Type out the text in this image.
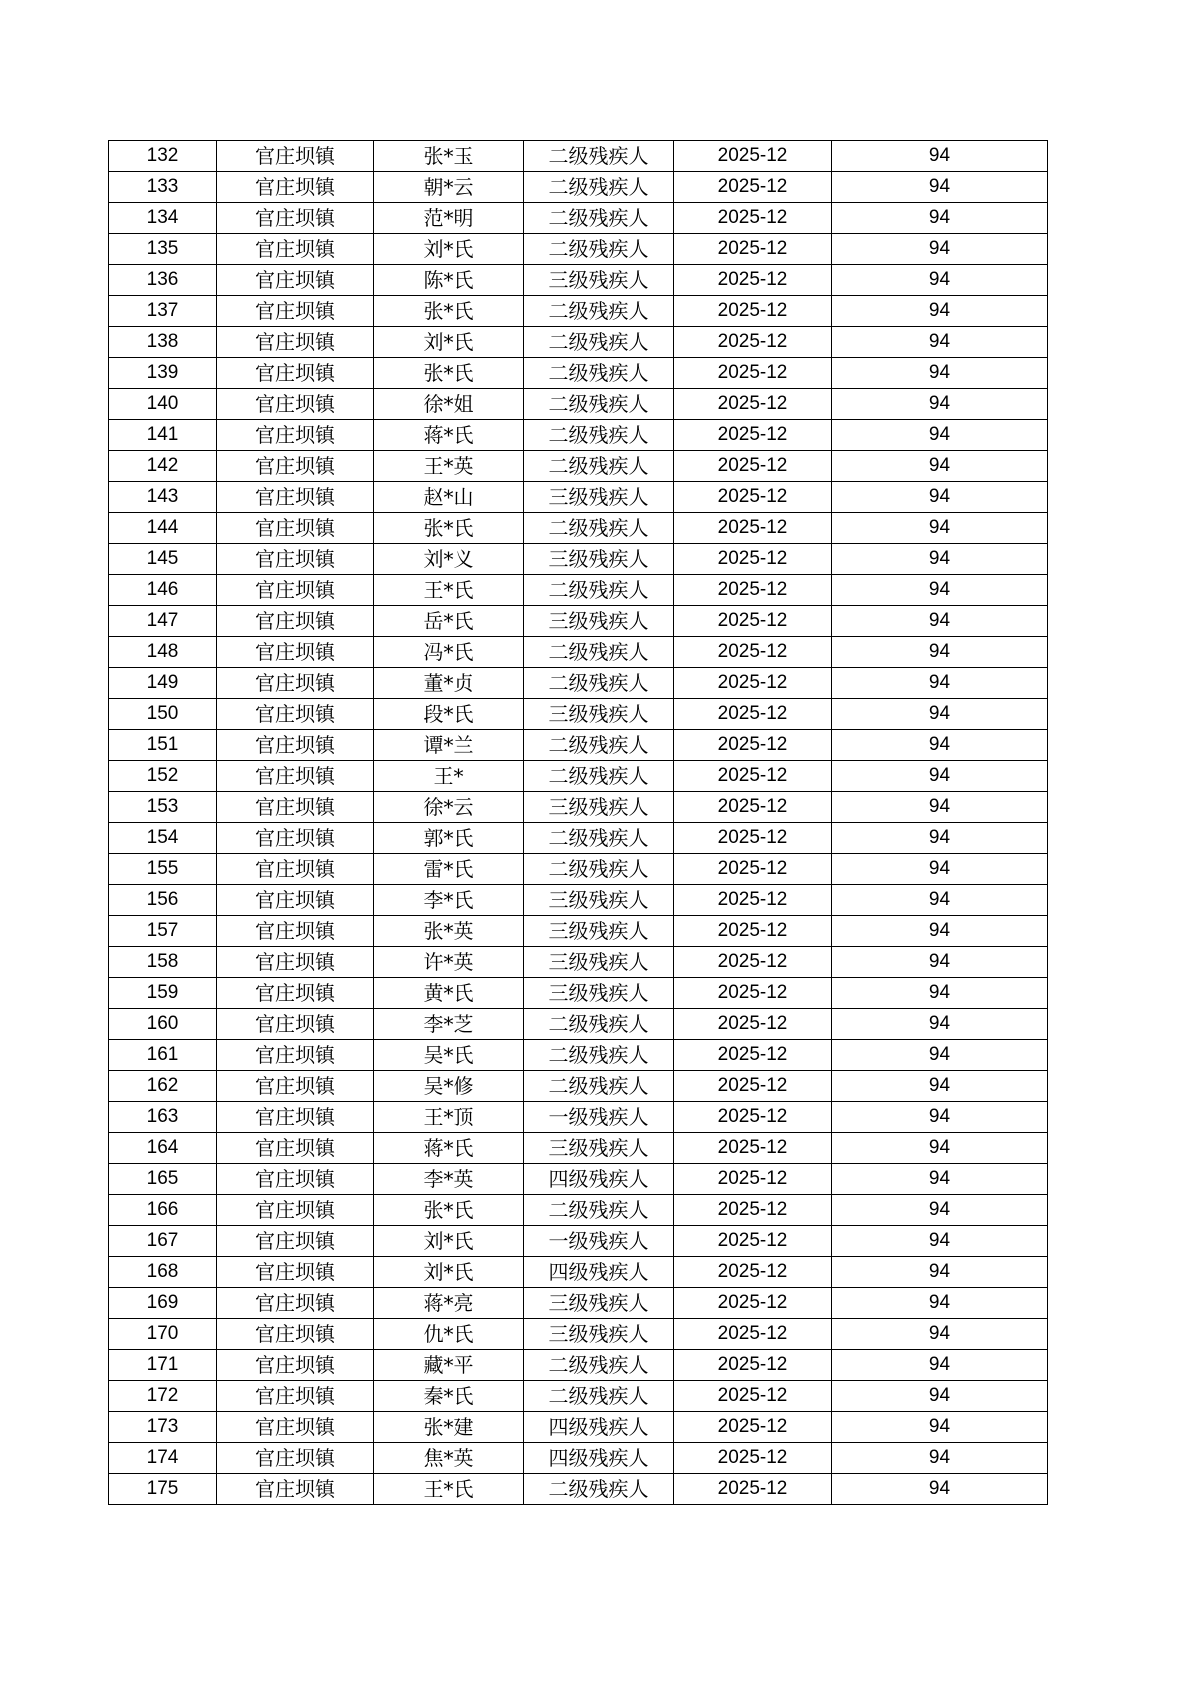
132	官庄坝镇	张*玉	二级残疾人	2025-12	94
133	官庄坝镇	朝*云	二级残疾人	2025-12	94
134	官庄坝镇	范*明	二级残疾人	2025-12	94
135	官庄坝镇	刘*氏	二级残疾人	2025-12	94
136	官庄坝镇	陈*氏	三级残疾人	2025-12	94
137	官庄坝镇	张*氏	二级残疾人	2025-12	94
138	官庄坝镇	刘*氏	二级残疾人	2025-12	94
139	官庄坝镇	张*氏	二级残疾人	2025-12	94
140	官庄坝镇	徐*姐	二级残疾人	2025-12	94
141	官庄坝镇	蒋*氏	二级残疾人	2025-12	94
142	官庄坝镇	王*英	二级残疾人	2025-12	94
143	官庄坝镇	赵*山	三级残疾人	2025-12	94
144	官庄坝镇	张*氏	二级残疾人	2025-12	94
145	官庄坝镇	刘*义	三级残疾人	2025-12	94
146	官庄坝镇	王*氏	二级残疾人	2025-12	94
147	官庄坝镇	岳*氏	三级残疾人	2025-12	94
148	官庄坝镇	冯*氏	二级残疾人	2025-12	94
149	官庄坝镇	董*贞	二级残疾人	2025-12	94
150	官庄坝镇	段*氏	三级残疾人	2025-12	94
151	官庄坝镇	谭*兰	二级残疾人	2025-12	94
152	官庄坝镇	王*	二级残疾人	2025-12	94
153	官庄坝镇	徐*云	三级残疾人	2025-12	94
154	官庄坝镇	郭*氏	二级残疾人	2025-12	94
155	官庄坝镇	雷*氏	二级残疾人	2025-12	94
156	官庄坝镇	李*氏	三级残疾人	2025-12	94
157	官庄坝镇	张*英	三级残疾人	2025-12	94
158	官庄坝镇	许*英	三级残疾人	2025-12	94
159	官庄坝镇	黄*氏	三级残疾人	2025-12	94
160	官庄坝镇	李*芝	二级残疾人	2025-12	94
161	官庄坝镇	吴*氏	二级残疾人	2025-12	94
162	官庄坝镇	吴*修	二级残疾人	2025-12	94
163	官庄坝镇	王*顶	一级残疾人	2025-12	94
164	官庄坝镇	蒋*氏	三级残疾人	2025-12	94
165	官庄坝镇	李*英	四级残疾人	2025-12	94
166	官庄坝镇	张*氏	二级残疾人	2025-12	94
167	官庄坝镇	刘*氏	一级残疾人	2025-12	94
168	官庄坝镇	刘*氏	四级残疾人	2025-12	94
169	官庄坝镇	蒋*亮	三级残疾人	2025-12	94
170	官庄坝镇	仇*氏	三级残疾人	2025-12	94
171	官庄坝镇	藏*平	二级残疾人	2025-12	94
172	官庄坝镇	秦*氏	二级残疾人	2025-12	94
173	官庄坝镇	张*建	四级残疾人	2025-12	94
174	官庄坝镇	焦*英	四级残疾人	2025-12	94
175	官庄坝镇	王*氏	二级残疾人	2025-12	94
